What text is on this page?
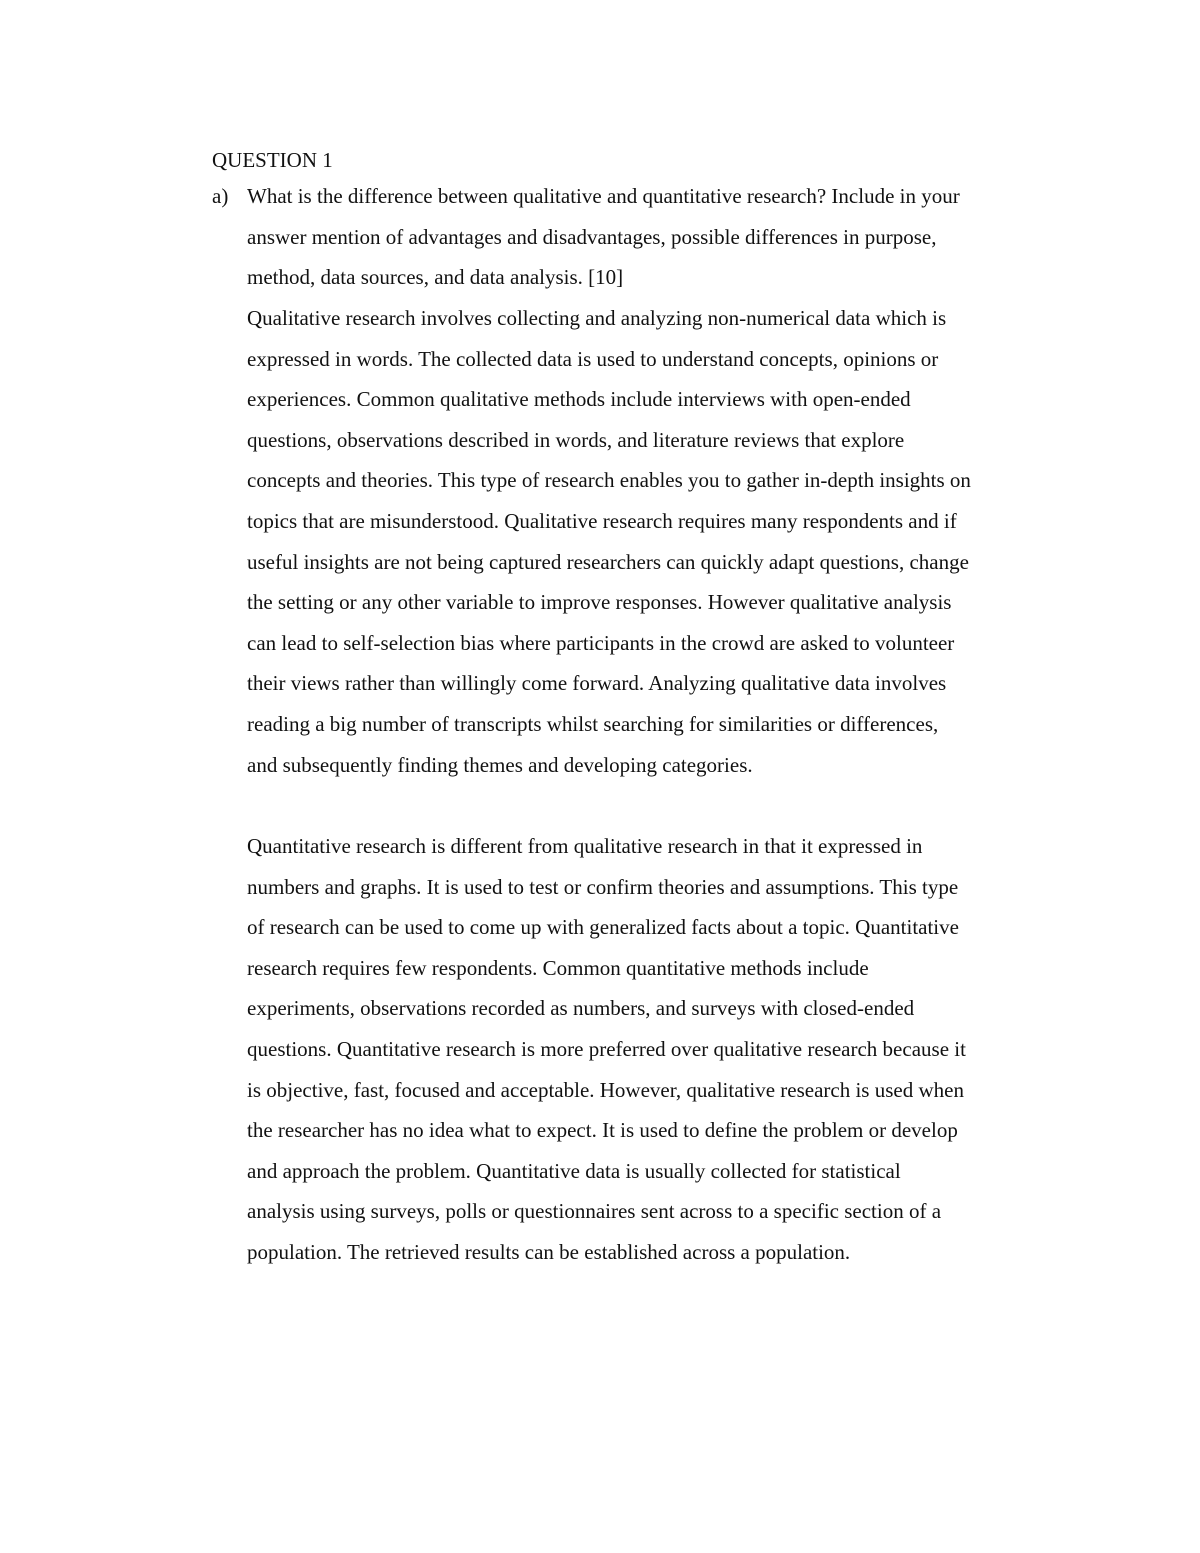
QUESTION 1
a) What is the difference between qualitative and quantitative research? Include in your
answer mention of advantages and disadvantages, possible differences in purpose,
method, data sources, and data analysis. [10]
Qualitative research involves collecting and analyzing non-numerical data which is
expressed in words. The collected data is used to understand concepts, opinions or
experiences. Common qualitative methods include interviews with open-ended
questions, observations described in words, and literature reviews that explore
concepts and theories. This type of research enables you to gather in-depth insights on
topics that are misunderstood. Qualitative research requires many respondents and if
useful insights are not being captured researchers can quickly adapt questions, change
the setting or any other variable to improve responses. However qualitative analysis
can lead to self-selection bias where participants in the crowd are asked to volunteer
their views rather than willingly come forward. Analyzing qualitative data involves
reading a big number of transcripts whilst searching for similarities or differences,
and subsequently finding themes and developing categories.
Quantitative research is different from qualitative research in that it expressed in
numbers and graphs. It is used to test or confirm theories and assumptions. This type
of research can be used to come up with generalized facts about a topic. Quantitative
research requires few respondents. Common quantitative methods include
experiments, observations recorded as numbers, and surveys with closed-ended
questions. Quantitative research is more preferred over qualitative research because it
is objective, fast, focused and acceptable. However, qualitative research is used when
the researcher has no idea what to expect. It is used to define the problem or develop
and approach the problem. Quantitative data is usually collected for statistical
analysis using surveys, polls or questionnaires sent across to a specific section of a
population. The retrieved results can be established across a population.
